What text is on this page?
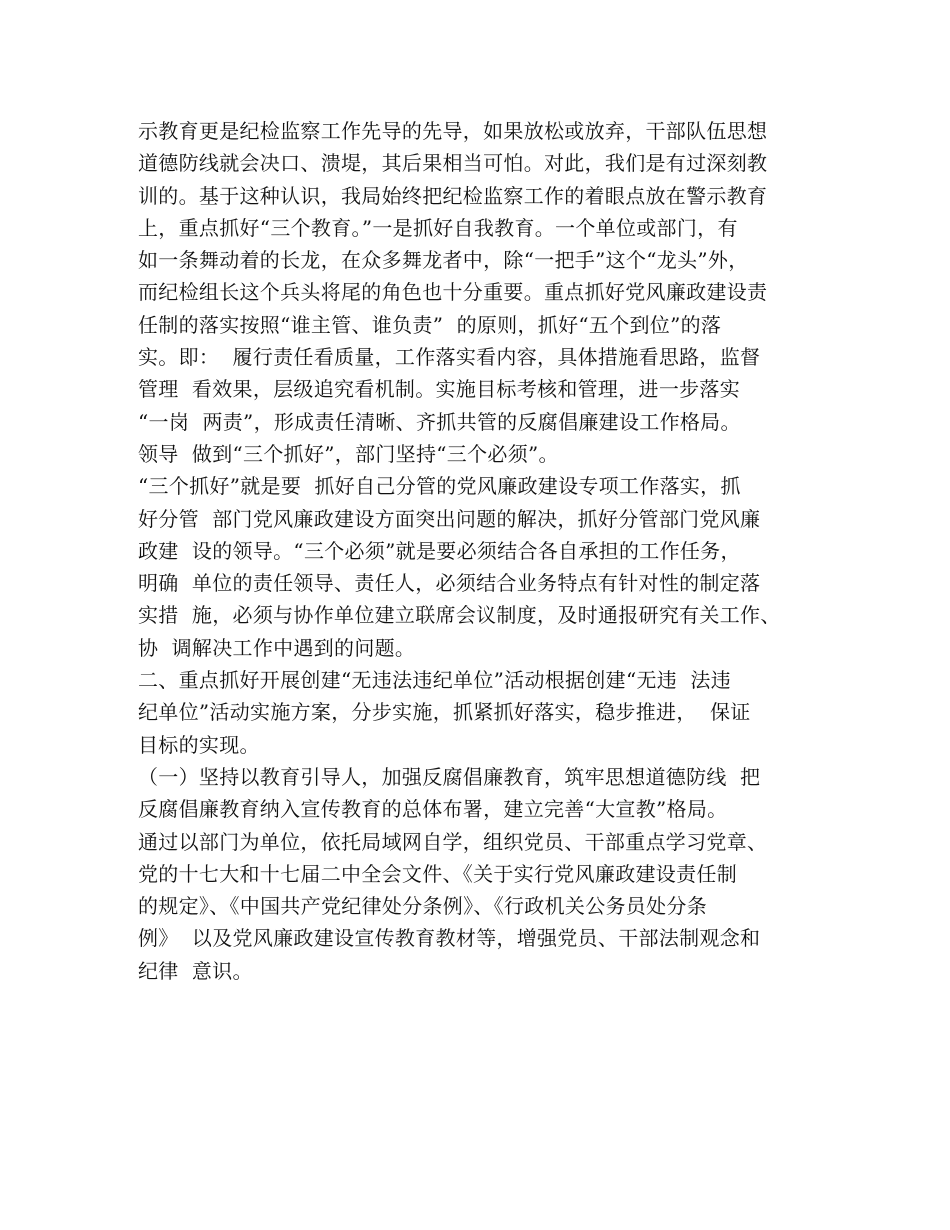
示教育更是纪检监察工作先导的先导，如果放松或放弃，干部队伍思想
道德防线就会决口、溃堤，其后果相当可怕。对此，我们是有过深刻教
训的。基于这种认识，我局始终把纪检监察工作的着眼点放在警示教育
上，重点抓好“三个教育。”一是抓好自我教育。一个单位或部门，有
如一条舞动着的长龙，在众多舞龙者中，除“一把手”这个“龙头”外，
而纪检组长这个兵头将尾的角色也十分重要。重点抓好党风廉政建设责
任制的落实按照“谁主管、谁负责”  的原则，抓好“五个到位”的落
实。即：  履行责任看质量，工作落实看内容，具体措施看思路，监督
管理  看效果，层级追究看机制。实施目标考核和管理，进一步落实
“一岗  两责”，形成责任清晰、齐抓共管的反腐倡廉建设工作格局。
领导  做到“三个抓好”，部门坚持“三个必须”。
“三个抓好”就是要  抓好自己分管的党风廉政建设专项工作落实，抓
好分管  部门党风廉政建设方面突出问题的解决，抓好分管部门党风廉
政建  设的领导。“三个必须”就是要必须结合各自承担的工作任务，
明确  单位的责任领导、责任人，必须结合业务特点有针对性的制定落
实措  施，必须与协作单位建立联席会议制度，及时通报研究有关工作、
协  调解决工作中遇到的问题。
二、重点抓好开展创建“无违法违纪单位”活动根据创建“无违  法违
纪单位”活动实施方案，分步实施，抓紧抓好落实，稳步推进，  保证
目标的实现。
（一）坚持以教育引导人，加强反腐倡廉教育，筑牢思想道德防线  把
反腐倡廉教育纳入宣传教育的总体布署，建立完善“大宣教”格局。
通过以部门为单位，依托局域网自学，组织党员、干部重点学习党章、
党的十七大和十七届二中全会文件、《关于实行党风廉政建设责任制
的规定》、《中国共产党纪律处分条例》、《行政机关公务员处分条
例》  以及党风廉政建设宣传教育教材等，增强党员、干部法制观念和
纪律  意识。
